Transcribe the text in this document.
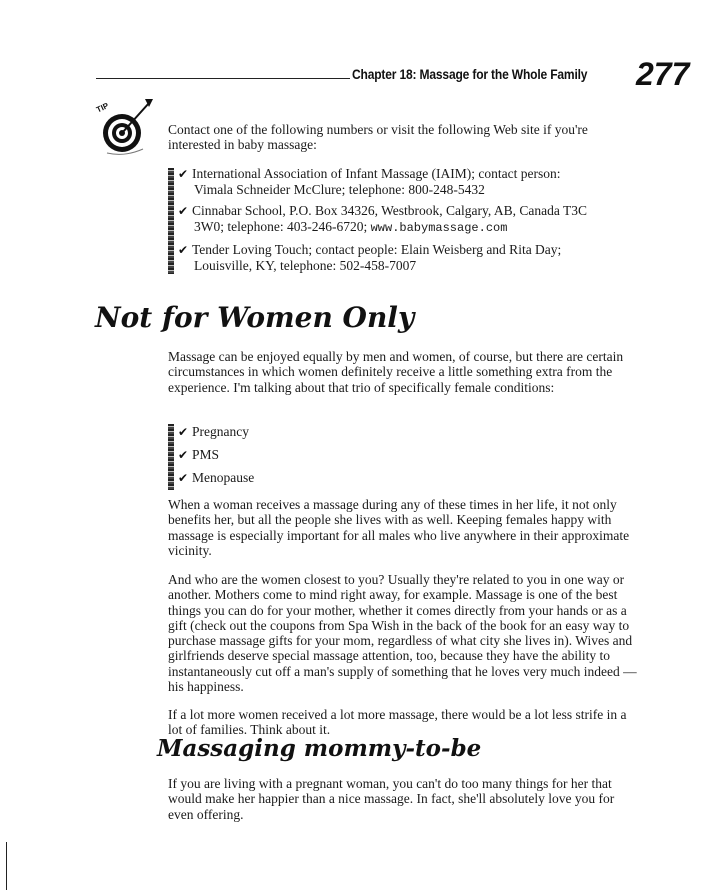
Chapter 18: Massage for the Whole Family 277
TIP
Contact one of the following numbers or visit the following Web site if you're interested in baby massage:
✔ International Association of Infant Massage (IAIM); contact person:
Vimala Schneider McClure; telephone: 800-248-5432
✔ Cinnabar School, P.O. Box 34326, Westbrook, Calgary, AB, Canada T3C
3W0; telephone: 403-246-6720; www.babymassage.com
✔ Tender Loving Touch; contact people: Elain Weisberg and Rita Day;
Louisville, KY, telephone: 502-458-7007
Not for Women Only
Massage can be enjoyed equally by men and women, of course, but there are certain circumstances in which women definitely receive a little something extra from the experience. I'm talking about that trio of specifically female conditions:
✔ Pregnancy
✔ PMS
✔ Menopause
When a woman receives a massage during any of these times in her life, it not only benefits her, but all the people she lives with as well. Keeping females happy with massage is especially important for all males who live anywhere in their approximate vicinity.
And who are the women closest to you? Usually they're related to you in one way or another. Mothers come to mind right away, for example. Massage is one of the best things you can do for your mother, whether it comes directly from your hands or as a gift (check out the coupons from Spa Wish in the back of the book for an easy way to purchase massage gifts for your mom, regardless of what city she lives in). Wives and girlfriends deserve special massage attention, too, because they have the ability to instantaneously cut off a man's supply of something that he loves very much indeed — his happiness.
If a lot more women received a lot more massage, there would be a lot less strife in a lot of families. Think about it.
Massaging mommy-to-be
If you are living with a pregnant woman, you can't do too many things for her that would make her happier than a nice massage. In fact, she'll absolutely love you for even offering.
